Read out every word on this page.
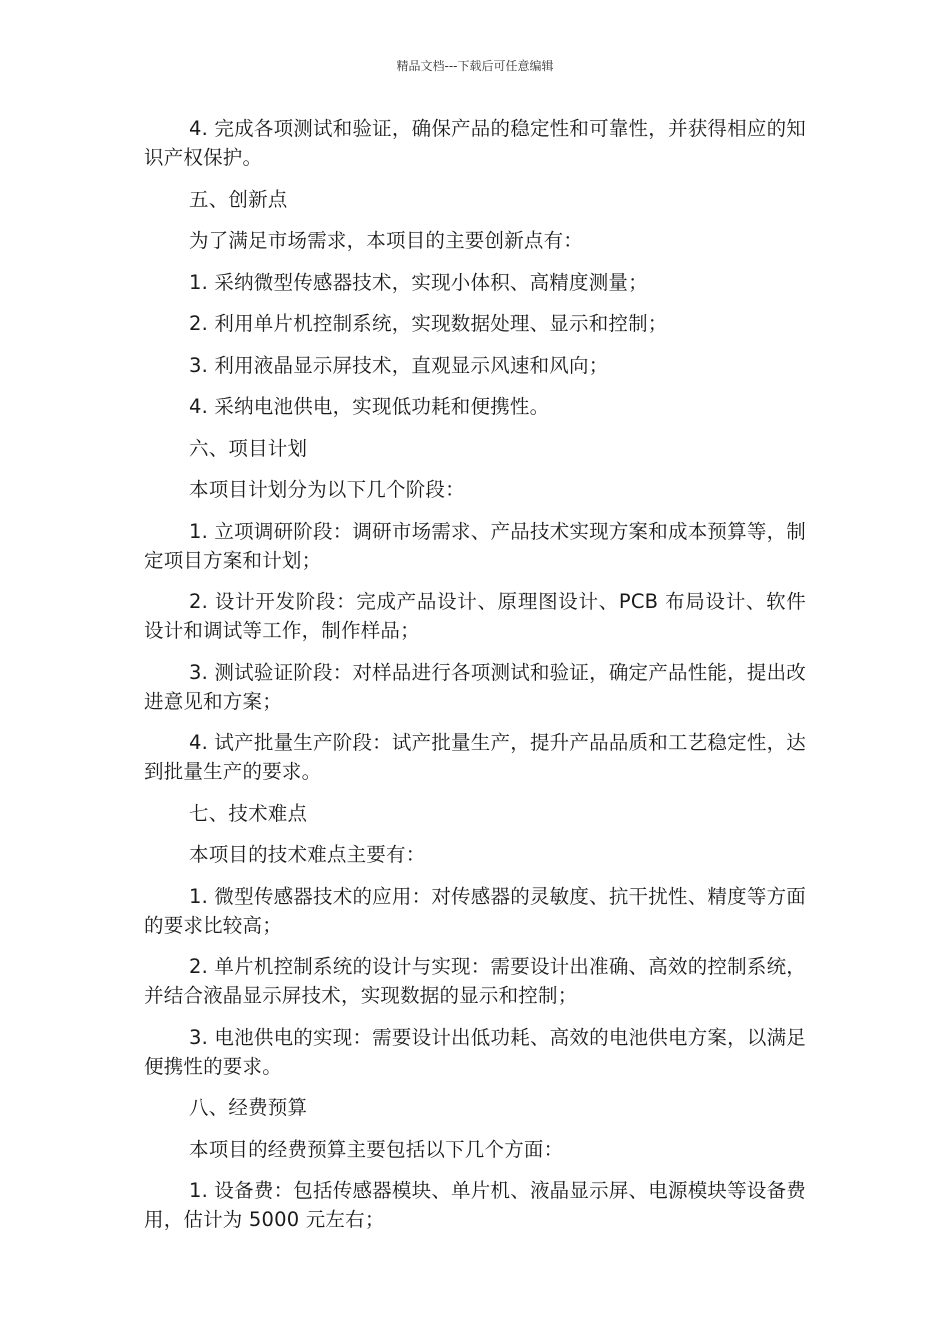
精品文档---下载后可任意编辑

4. 完成各项测试和验证，确保产品的稳定性和可靠性，并获得相应的知识产权保护。

五、创新点

为了满足市场需求，本项目的主要创新点有：

1. 采纳微型传感器技术，实现小体积、高精度测量；

2. 利用单片机控制系统，实现数据处理、显示和控制；

3. 利用液晶显示屏技术，直观显示风速和风向；

4. 采纳电池供电，实现低功耗和便携性。

六、项目计划

本项目计划分为以下几个阶段：

1. 立项调研阶段：调研市场需求、产品技术实现方案和成本预算等，制定项目方案和计划；

2. 设计开发阶段：完成产品设计、原理图设计、PCB 布局设计、软件设计和调试等工作，制作样品；

3. 测试验证阶段：对样品进行各项测试和验证，确定产品性能，提出改进意见和方案；

4. 试产批量生产阶段：试产批量生产，提升产品品质和工艺稳定性，达到批量生产的要求。

七、技术难点

本项目的技术难点主要有：

1. 微型传感器技术的应用：对传感器的灵敏度、抗干扰性、精度等方面的要求比较高；

2. 单片机控制系统的设计与实现：需要设计出准确、高效的控制系统，并结合液晶显示屏技术，实现数据的显示和控制；

3. 电池供电的实现：需要设计出低功耗、高效的电池供电方案，以满足便携性的要求。

八、经费预算

本项目的经费预算主要包括以下几个方面：

1. 设备费：包括传感器模块、单片机、液晶显示屏、电源模块等设备费用，估计为 5000 元左右；
